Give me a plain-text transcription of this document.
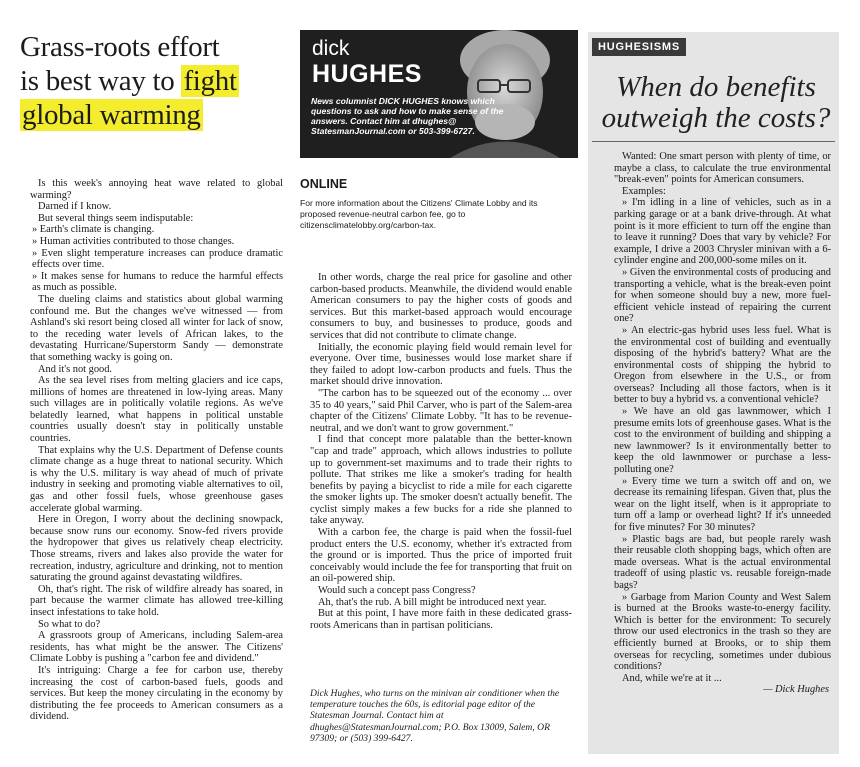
Grass-roots effort
is best way to fight
global warming
dick
HUGHES
News columnist DICK HUGHES knows which questions to ask and how to make sense of the answers. Contact him at dhughes@ StatesmanJournal.com or 503-399-6727.

Is this week's annoying heat wave related to global warming?

Darned if I know.

But several things seem indisputable:

» Earth's climate is changing.

» Human activities contributed to those changes.

» Even slight temperature increases can produce dramatic effects over time.

» It makes sense for humans to reduce the harmful effects as much as possible.

The dueling claims and statistics about global warming confound me. But the changes we've witnessed — from Ashland's ski resort being closed all winter for lack of snow, to the receding water levels of African lakes, to the devastating Hurricane/Superstorm Sandy — demonstrate that something wacky is going on.

And it's not good.

As the sea level rises from melting glaciers and ice caps, millions of homes are threatened in low-lying areas. Many such villages are in politically volatile regions. As we've belatedly learned, what happens in political unstable countries usually doesn't stay in politically unstable countries.

That explains why the U.S. Department of Defense counts climate change as a huge threat to national security. Which is why the U.S. military is way ahead of much of private industry in seeking and promoting viable alternatives to oil, gas and other fossil fuels, whose greenhouse gases accelerate global warming.

Here in Oregon, I worry about the declining snowpack, because snow runs our economy. Snow-fed rivers provide the hydropower that gives us relatively cheap electricity. Those streams, rivers and lakes also provide the water for recreation, industry, agriculture and drinking, not to mention saturating the ground against devastating wildfires.

Oh, that's right. The risk of wildfire already has soared, in part because the warmer climate has allowed tree-killing insect infestations to take hold.

So what to do?

A grassroots group of Americans, including Salem-area residents, has what might be the answer. The Citizens' Climate Lobby is pushing a "carbon fee and dividend."

It's intriguing: Charge a fee for carbon use, thereby increasing the cost of carbon-based fuels, goods and services. But keep the money circulating in the economy by distributing the fee proceeds to American consumers as a dividend.

ONLINE
For more information about the Citizens' Climate Lobby and its proposed revenue-neutral carbon fee, go to citizensclimatelobby.org/carbon-tax.

In other words, charge the real price for gasoline and other carbon-based products. Meanwhile, the dividend would enable American consumers to pay the higher costs of goods and services. But this market-based approach would encourage consumers to buy, and businesses to produce, goods and services that did not contribute to climate change.

Initially, the economic playing field would remain level for everyone. Over time, businesses would lose market share if they failed to adopt low-carbon products and fuels. Thus the market should drive innovation.

"The carbon has to be squeezed out of the economy ... over 35 to 40 years," said Phil Carver, who is part of the Salem-area chapter of the Citizens' Climate Lobby. "It has to be revenue-neutral, and we don't want to grow government."

I find that concept more palatable than the better-known "cap and trade" approach, which allows industries to pollute up to government-set maximums and to trade their rights to pollute. That strikes me like a smoker's trading for health benefits by paying a bicyclist to ride a mile for each cigarette the smoker lights up. The smoker doesn't actually benefit. The cyclist simply makes a few bucks for a ride she planned to take anyway.

With a carbon fee, the charge is paid when the fossil-fuel product enters the U.S. economy, whether it's extracted from the ground or is imported. Thus the price of imported fruit conceivably would include the fee for transporting that fruit on an oil-powered ship.

Would such a concept pass Congress?

Ah, that's the rub. A bill might be introduced next year.

But at this point, I have more faith in these dedicated grass-roots Americans than in partisan politicians.

Dick Hughes, who turns on the minivan air conditioner when the temperature touches the 60s, is editorial page editor of the Statesman Journal. Contact him at dhughes@StatesmanJournal.com; P.O. Box 13009, Salem, OR 97309; or (503) 399-6427.
HUGHESISMS
When do benefits outweigh the costs?

Wanted: One smart person with plenty of time, or maybe a class, to calculate the true environmental "break-even" points for American consumers.

Examples:

» I'm idling in a line of vehicles, such as in a parking garage or at a bank drive-through. At what point is it more efficient to turn off the engine than to leave it running? Does that vary by vehicle? For example, I drive a 2003 Chrysler minivan with a 6-cylinder engine and 200,000-some miles on it.

» Given the environmental costs of producing and transporting a vehicle, what is the break-even point for when someone should buy a new, more fuel-efficient vehicle instead of repairing the current one?

» An electric-gas hybrid uses less fuel. What is the environmental cost of building and eventually disposing of the hybrid's battery? What are the environmental costs of shipping the hybrid to Oregon from elsewhere in the U.S., or from overseas? Including all those factors, when is it better to buy a hybrid vs. a conventional vehicle?

» We have an old gas lawnmower, which I presume emits lots of greenhouse gases. What is the cost to the environment of building and shipping a new lawnmower? Is it environmentally better to keep the old lawnmower or purchase a less-polluting one?

» Every time we turn a switch off and on, we decrease its remaining lifespan. Given that, plus the wear on the light itself, when is it appropriate to turn off a lamp or overhead light? If it's unneeded for five minutes? For 30 minutes?

» Plastic bags are bad, but people rarely wash their reusable cloth shopping bags, which often are made overseas. What is the actual environmental tradeoff of using plastic vs. reusable foreign-made bags?

» Garbage from Marion County and West Salem is burned at the Brooks waste-to-energy facility. Which is better for the environment: To securely throw our used electronics in the trash so they are efficiently burned at Brooks, or to ship them overseas for recycling, sometimes under dubious conditions?

And, while we're at it ...

— Dick Hughes
